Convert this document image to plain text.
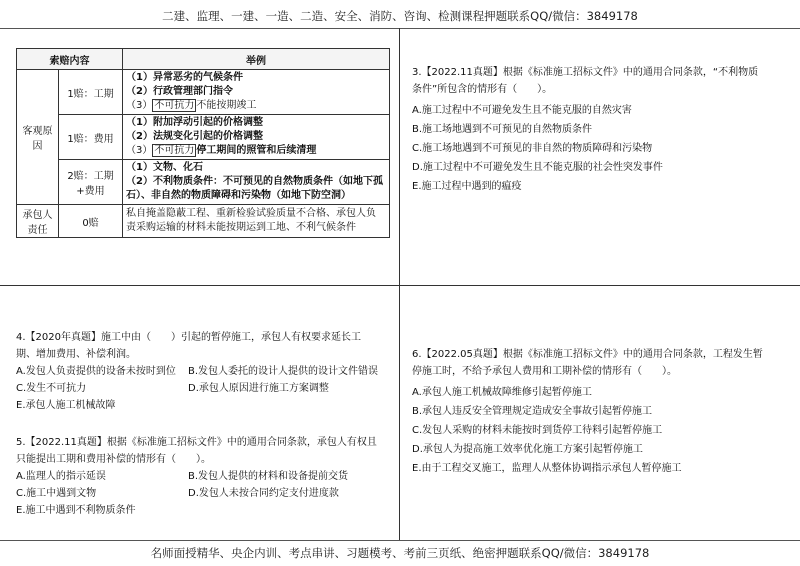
二建、监理、一建、一造、二造、安全、消防、咨询、检测课程押题联系QQ/微信：3849178
索赔内容		举例
客观原因	1赔：工期	（1）异常恶劣的气候条件
（2）行政管理部门指令
（3） 不可抗力 不能按期竣工

	1赔：费用	（1）附加浮动引起的价格调整
（2）法规变化引起的价格调整
（3） 不可抗力 停工期间的照管和后续清理

	2赔：工期+费用	（1）文物、化石
（2）不利物质条件：不可预见的自然物质条件（如地下孤
石）、非自然的物质障碍和污染物（如地下防空洞）

承包人责任	0赔	私自掩盖隐蔽工程、重新检验试验质量不合格、承包人负
责采购运输的材料未能按期运到工地、不利气候条件
3.【2022.11真题】根据《标准施工招标文件》中的通用合同条款，“不利物质
条件”所包含的情形有（　　）。
A.施工过程中不可避免发生且不能克服的自然灾害
B.施工场地遇到不可预见的自然物质条件
C.施工场地遇到不可预见的非自然的物质障碍和污染物
D.施工过程中不可避免发生且不能克服的社会性突发事件
E.施工过程中遇到的瘟疫
4.【2020年真题】施工中由（　　）引起的暂停施工，承包人有权要求延长工
期、增加费用、补偿利润。
A.发包人负责提供的设备未按时到位	B.发包人委托的设计人提供的设计文件错误
C.发生不可抗力	D.承包人原因进行施工方案调整
E.承包人施工机械故障
5.【2022.11真题】根据《标准施工招标文件》中的通用合同条款，承包人有权且
只能提出工期和费用补偿的情形有（　　）。
A.监理人的指示延误	B.发包人提供的材料和设备提前交货
C.施工中遇到文物	D.发包人未按合同约定支付进度款
E.施工中遇到不利物质条件
6.【2022.05真题】根据《标准施工招标文件》中的通用合同条款，工程发生暂
停施工时，不给予承包人费用和工期补偿的情形有（　　）。
A.承包人施工机械故障维修引起暂停施工
B.承包人违反安全管理规定造成安全事故引起暂停施工
C.发包人采购的材料未能按时到货停工待料引起暂停施工
D.承包人为提高施工效率优化施工方案引起暂停施工
E.由于工程交叉施工，监理人从整体协调指示承包人暂停施工
名师面授精华、央企内训、考点串讲、习题模考、考前三页纸、绝密押题联系QQ/微信：3849178
